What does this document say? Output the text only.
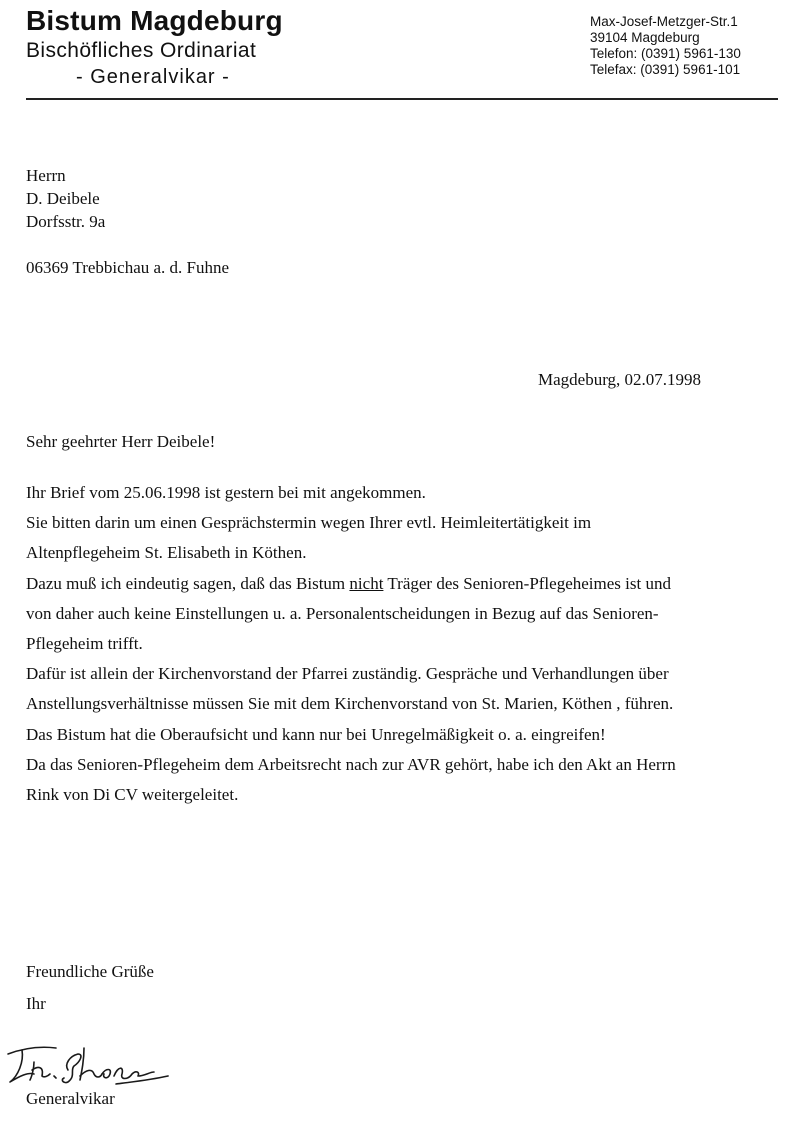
Bistum Magdeburg
Bischöfliches Ordinariat
- Generalvikar -
Max-Josef-Metzger-Str.1
39104 Magdeburg
Telefon: (0391) 5961-130
Telefax: (0391) 5961-101
Herrn
D. Deibele
Dorfsstr. 9a
06369 Trebbichau a. d. Fuhne
Magdeburg, 02.07.1998
Sehr geehrter Herr Deibele!
Ihr Brief vom 25.06.1998 ist gestern bei mit angekommen.
Sie bitten darin um einen Gesprächstermin wegen Ihrer evtl. Heimleitertätigkeit im
Altenpflegeheim St. Elisabeth in Köthen.
Dazu muß ich eindeutig sagen, daß das Bistum nicht Träger des Senioren-Pflegeheimes ist und
von daher auch keine Einstellungen u. a. Personalentscheidungen in Bezug auf das Senioren-
Pflegeheim trifft.
Dafür ist allein der Kirchenvorstand der Pfarrei zuständig. Gespräche und Verhandlungen über
Anstellungsverhältnisse müssen Sie mit dem Kirchenvorstand von St. Marien, Köthen , führen.
Das Bistum hat die Oberaufsicht und kann nur bei Unregelmäßigkeit o. a. eingreifen!
Da das Senioren-Pflegeheim dem Arbeitsrecht nach zur AVR gehört, habe ich den Akt an Herrn
Rink von Di CV weitergeleitet.
Freundliche Grüße
Ihr
Generalvikar
